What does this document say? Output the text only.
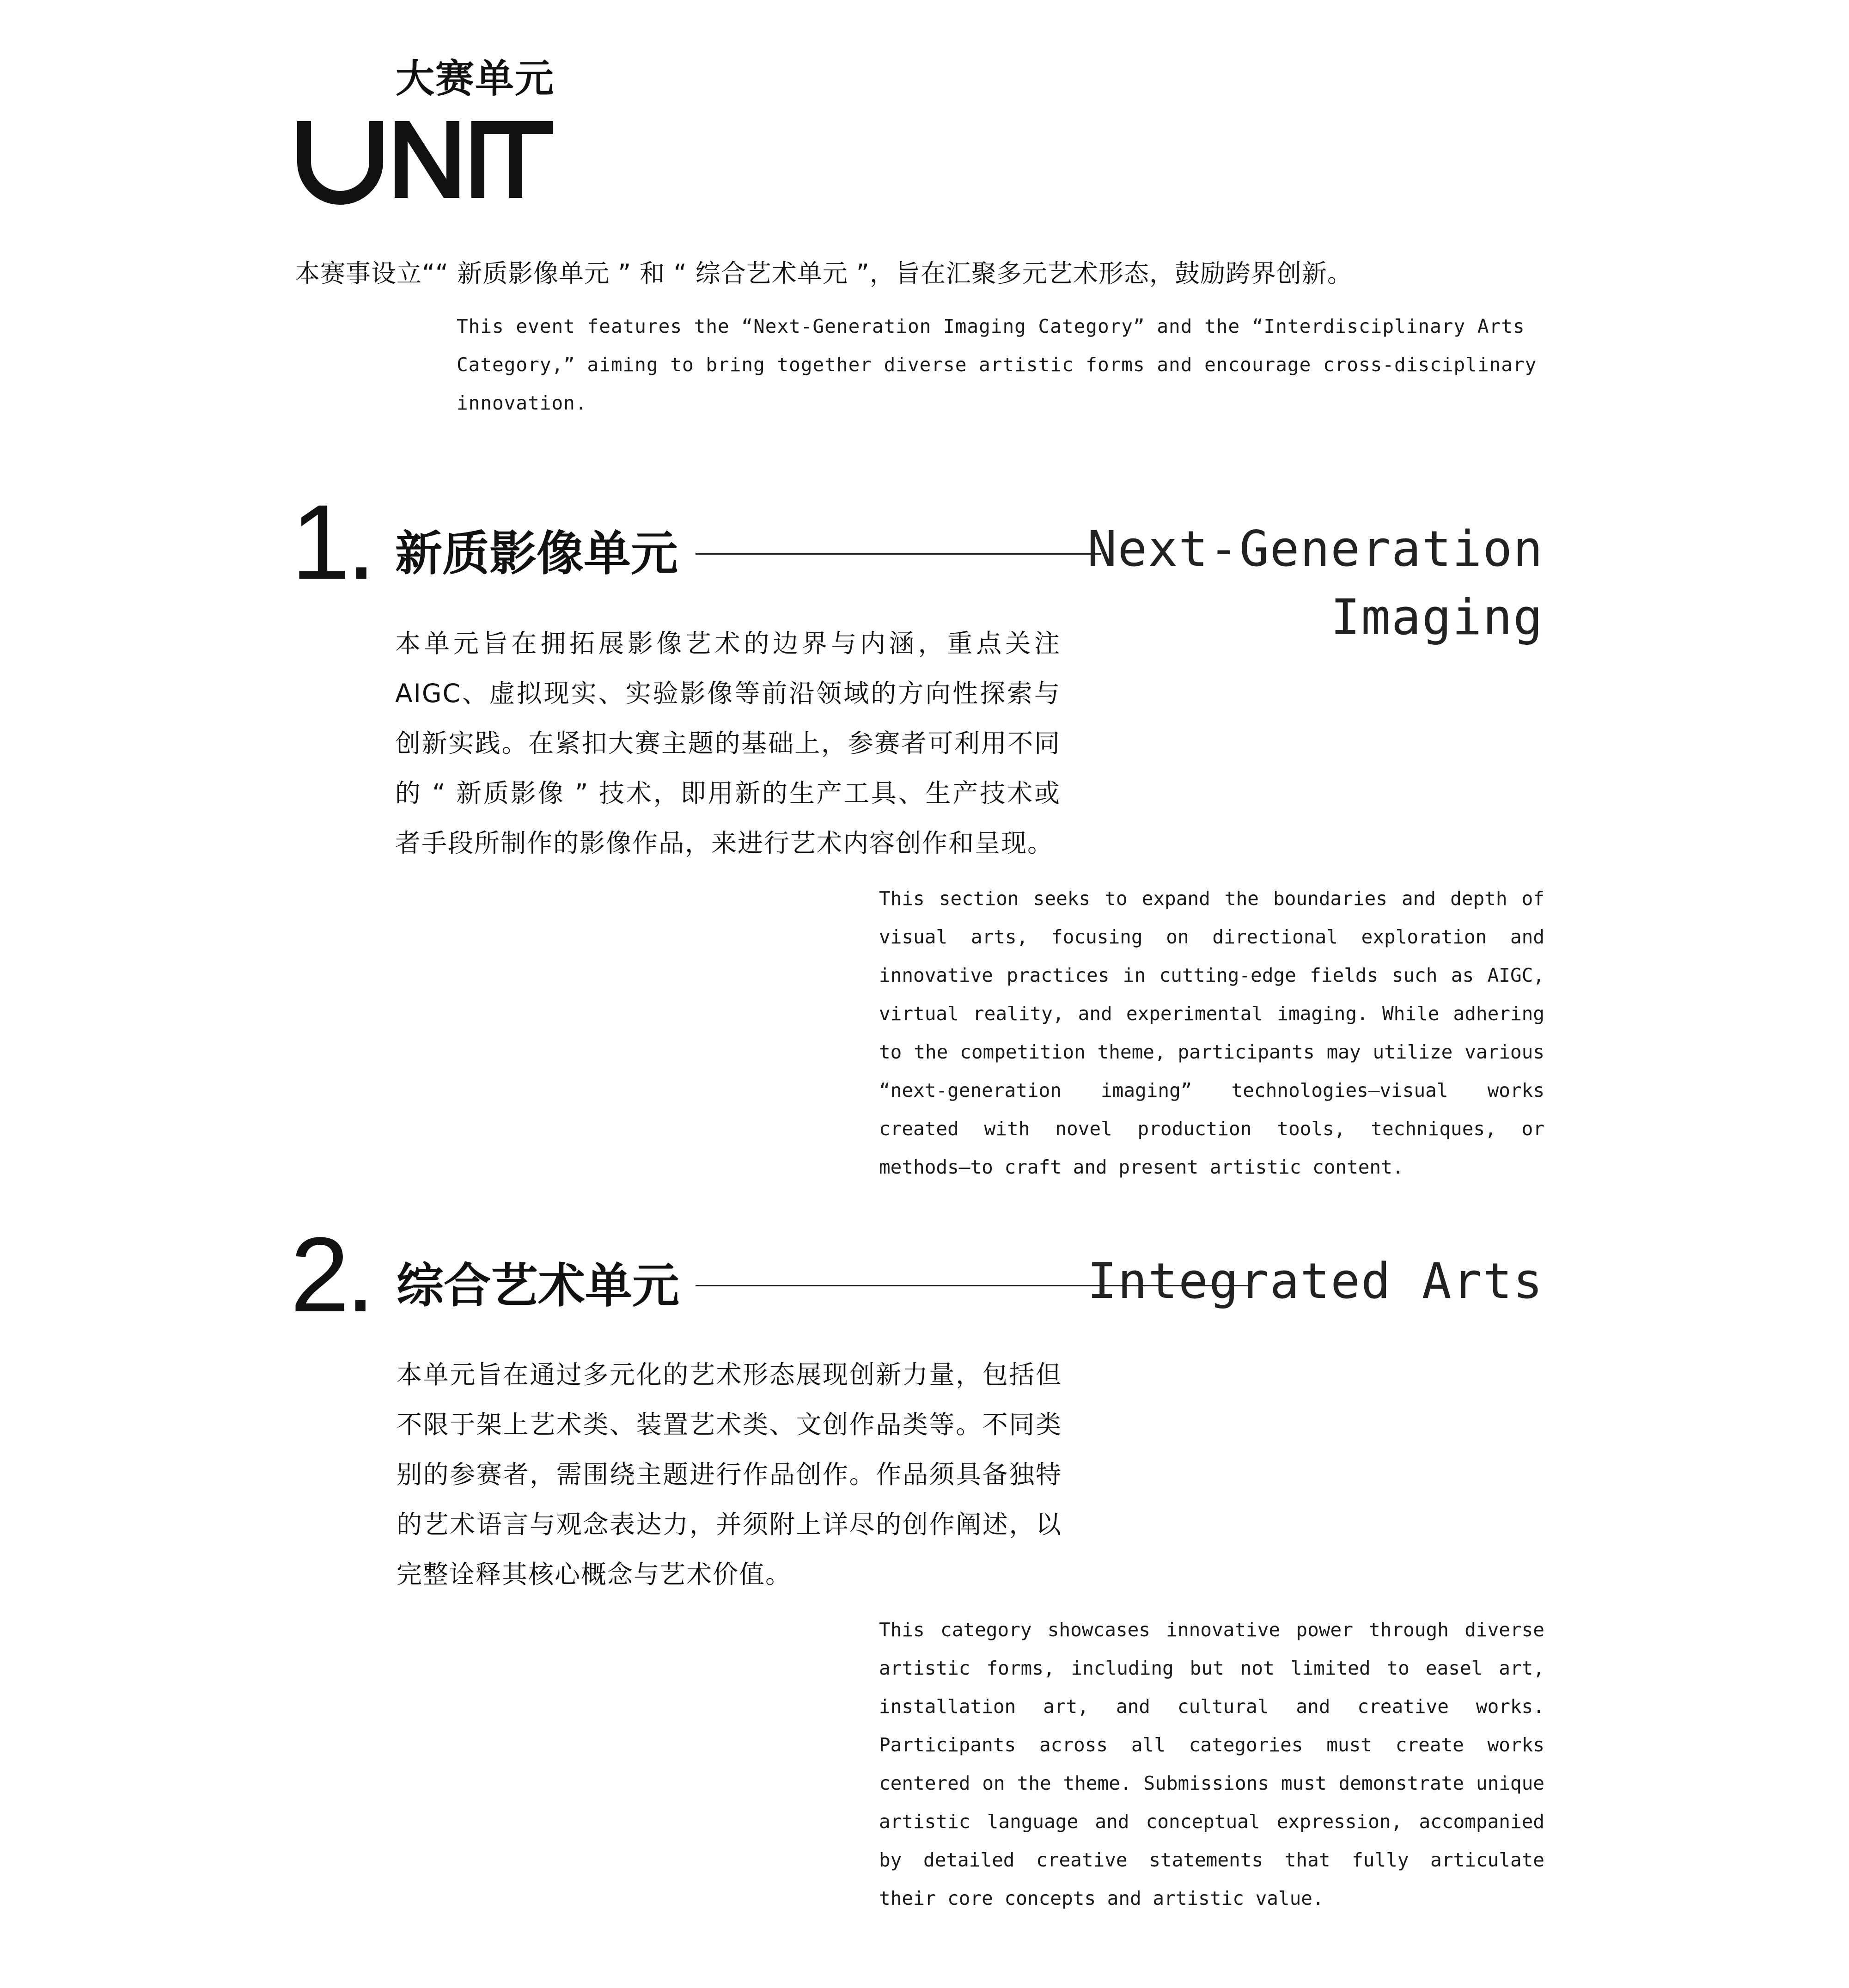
大赛单元
UNIT
本赛事设立““ 新质影像单元 ” 和 “ 综合艺术单元 ”，旨在汇聚多元艺术形态，鼓励跨界创新。
This event features the “Next-Generation Imaging Category” and the “Interdisciplinary Arts Category,” aiming to bring together diverse artistic forms and encourage cross-disciplinary innovation.
1. 新质影像单元	Next-Generation Imaging
本单元旨在拥拓展影像艺术的边界与内涵，重点关注AIGC、虚拟现实、实验影像等前沿领域的方向性探索与创新实践。在紧扣大赛主题的基础上，参赛者可利用不同的 “ 新质影像 ” 技术，即用新的生产工具、生产技术或者手段所制作的影像作品，来进行艺术内容创作和呈现。
This section seeks to expand the boundaries and depth of visual arts, focusing on directional exploration and innovative practices in cutting-edge fields such as AIGC, virtual reality, and experimental imaging. While adhering to the competition theme, participants may utilize various “next-generation imaging” technologies—visual works created with novel production tools, techniques, or methods—to craft and present artistic content.
2. 综合艺术单元	Integrated Arts
本单元旨在通过多元化的艺术形态展现创新力量，包括但不限于架上艺术类、装置艺术类、文创作品类等。不同类别的参赛者，需围绕主题进行作品创作。作品须具备独特的艺术语言与观念表达力，并须附上详尽的创作阐述，以完整诠释其核心概念与艺术价值。
This category showcases innovative power through diverse artistic forms, including but not limited to easel art, installation art, and cultural and creative works. Participants across all categories must create works centered on the theme. Submissions must demonstrate unique artistic language and conceptual expression, accompanied by detailed creative statements that fully articulate their core concepts and artistic value.
